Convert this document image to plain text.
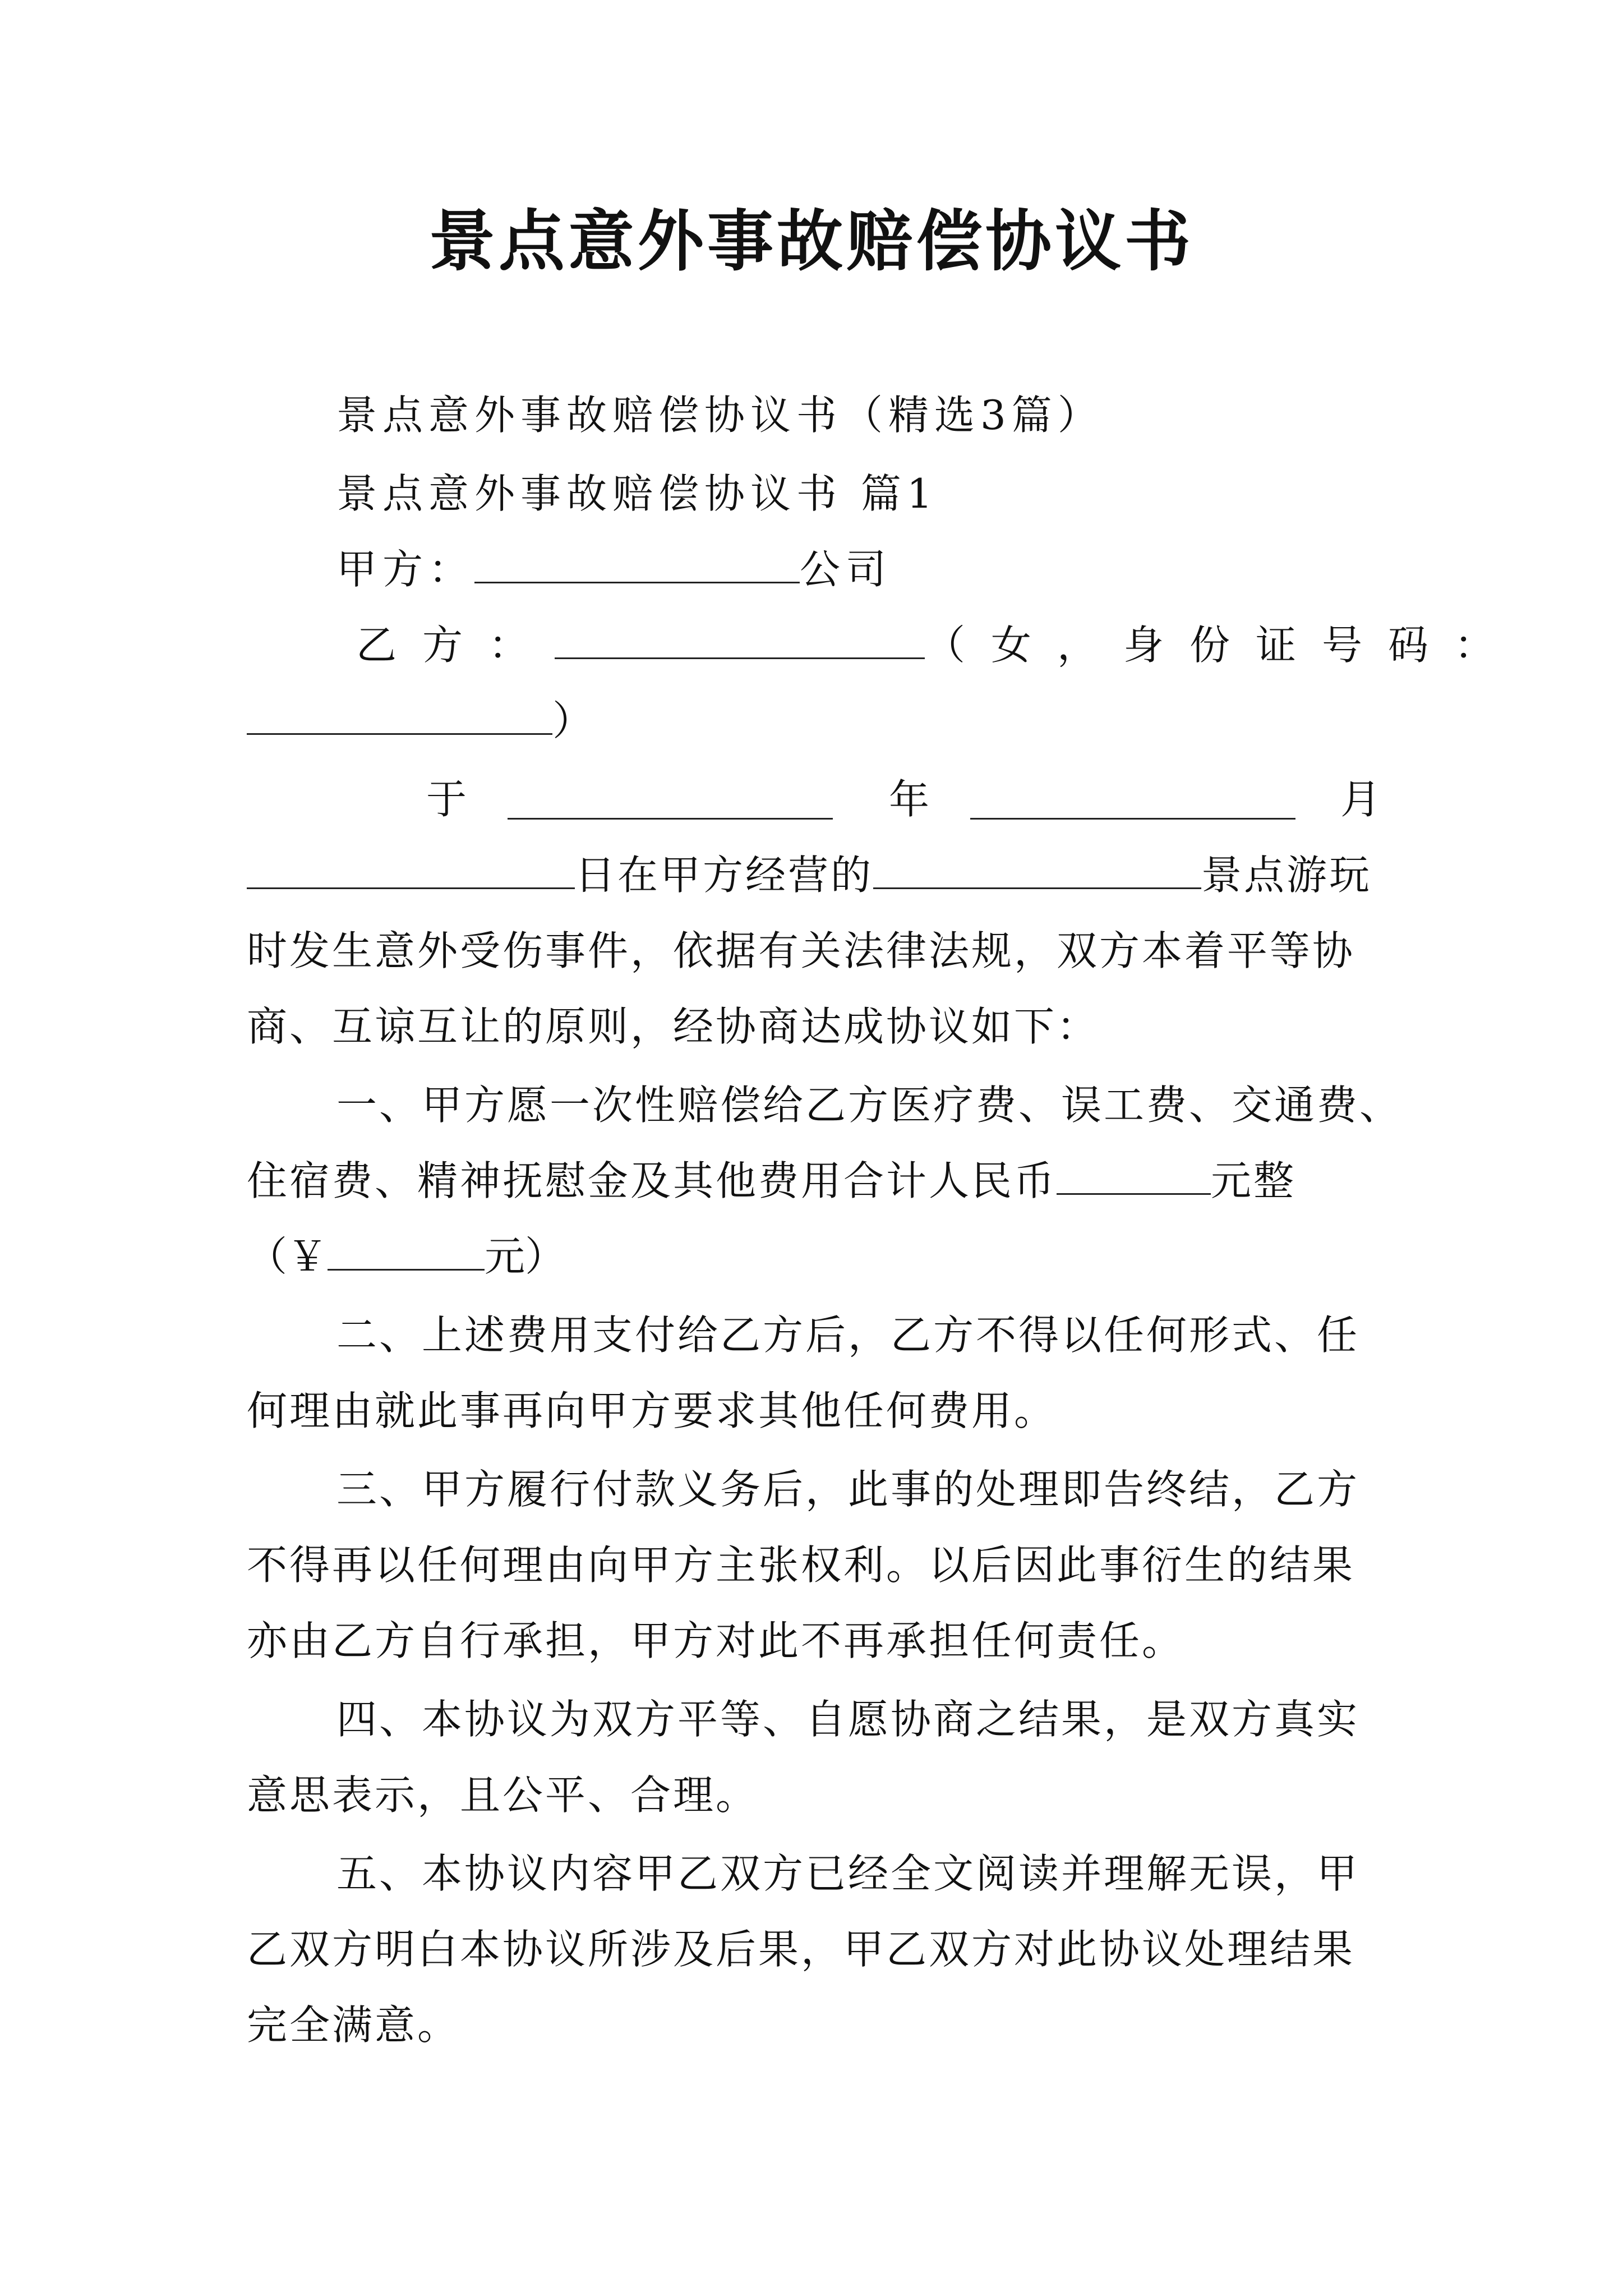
景点意外事故赔偿协议书
景点意外事故赔偿协议书（精选3篇）
景点意外事故赔偿协议书 篇1
甲方：	公司
乙方：	（女，身份证号码：
）
于	年	月
日在甲方经营的	景点游玩
时发生意外受伤事件，依据有关法律法规，双方本着平等协
商、互谅互让的原则，经协商达成协议如下：
一、甲方愿一次性赔偿给乙方医疗费、误工费、交通费、
住宿费、精神抚慰金及其他费用合计人民币	元整
（￥	元）
二、上述费用支付给乙方后，乙方不得以任何形式、任
何理由就此事再向甲方要求其他任何费用。
三、甲方履行付款义务后，此事的处理即告终结，乙方
不得再以任何理由向甲方主张权利。以后因此事衍生的结果
亦由乙方自行承担，甲方对此不再承担任何责任。
四、本协议为双方平等、自愿协商之结果，是双方真实
意思表示，且公平、合理。
五、本协议内容甲乙双方已经全文阅读并理解无误，甲
乙双方明白本协议所涉及后果，甲乙双方对此协议处理结果
完全满意。
